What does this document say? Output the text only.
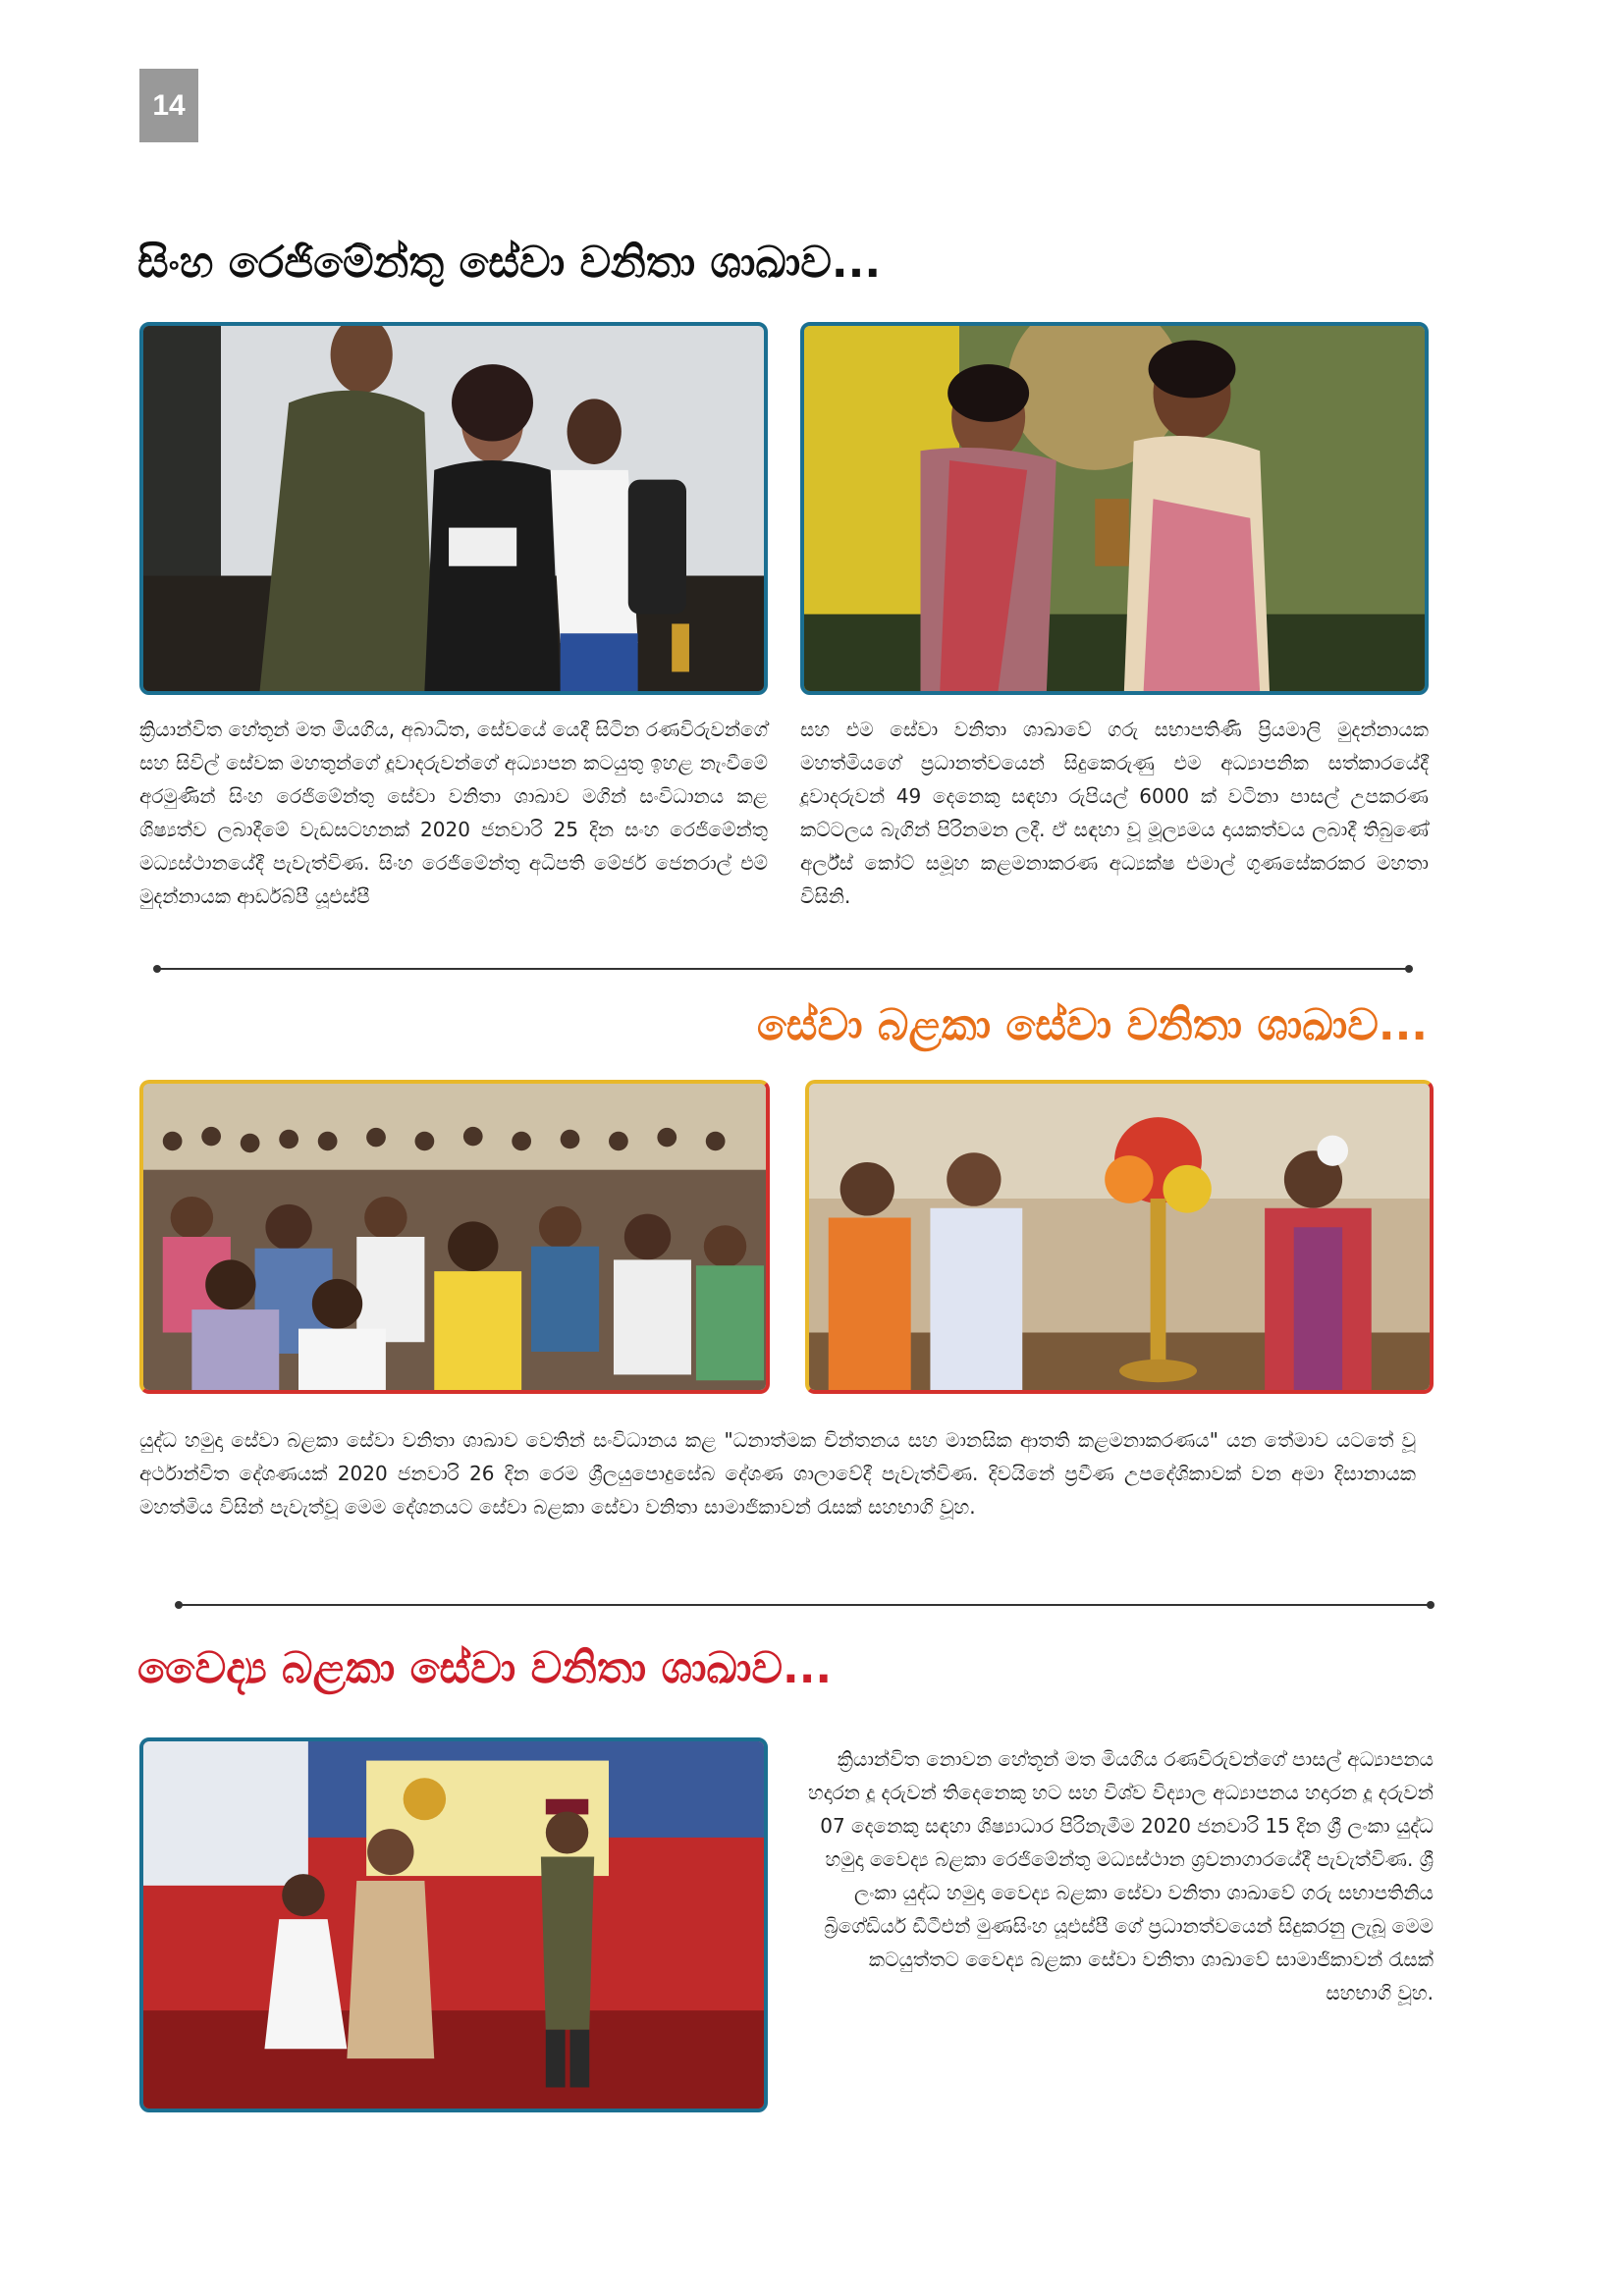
14
සිංහ රෙජිමේන්තු සේවා වනිතා ශාඛාව...
ක්‍රියාන්විත හේතූන් මත මියගිය, අබාධිත, සේවයේ යෙදී සිටින රණවිරුවන්ගේ සහ සිවිල් සේවක මහතුන්ගේ දූවාදරුවන්ගේ අධ්‍යාපන කටයුතු ඉහළ නැංවීමේ අරමුණින් සිංහ රෙජිමේන්තු සේවා වනිතා ශාඛාව මගින් සංවිධානය කළ ශිෂ්‍යත්ව ලබාදීමේ වැඩසටහනක් 2020 ජනවාරි 25 දින සංහ රෙජිමේන්තු මධ්‍යස්ථානයේදී පැවැත්විණ. සිංහ රෙජිමේන්තු අධිපති මේජර් ජෙනරාල් එම් මුදන්නායක ආර්ඩබ්පී යූඑස්පී
සහ එම සේවා වනිතා ශාඛාවේ ගරු සභාපතිණි ප්‍රියමාලි මුදන්නායක මහත්මියගේ ප්‍රධානත්වයෙන් සිදුකෙරුණු එම අධ්‍යාපනික සත්කාරයේදී දූවාදරුවන් 49 දෙනෙකු සඳහා රුපියල් 6000 ක් වටිනා පාසල් උපකරණ කට්ටලය බැගින් පිරිනමන ලදී. ඒ සඳහා වූ මූල්‍යමය දායකත්වය ලබාදී තිබුණේ අර්ල්ස් කෝට් සමූහ කළමනාකරණ අධ්‍යක්ෂ එමාල් ගුණසේකරකර මහතා විසිනි.
සේවා බළකා සේවා වනිතා ශාඛාව...
යුද්ධ හමුදා සේවා බළකා සේවා වනිතා ශාඛාව වෙතින් සංවිධානය කළ "ධනාත්මක චින්තනය සහ මානසික ආතති කළමනාකරණය" යන තේමාව යටතේ වූ අර්ථාන්විත දේශණයක් 2020 ජනවාරි 26 දින රෙම ශ්‍රීලයුපොදුසේබ දේශණ ශාලාවේදී පැවැත්විණ. දිවයිනේ ප්‍රවීණ උපදේශිකාවක් වන අමා දිසානායක මහත්මිය විසින් පැවැත්වූ මෙම දේශනයට සේවා බළකා සේවා වනිතා සාමාජිකාවන් රැසක් සහභාගි වූහ.
වෛද්‍ය බළකා සේවා වනිතා ශාඛාව...
ක්‍රියාන්විත නොවන හේතූන් මත මියගිය රණවිරුවන්ගේ පාසල් අධ්‍යාපනය හදාරන දූ දරුවන් තිදෙනෙකු හට සහ විශ්ව විද්‍යාල අධ්‍යාපනය හදාරන දූ දරුවන් 07 දෙනෙකු සඳහා ශිෂ්‍යාධාර පිරිනැමීම 2020 ජනවාරි 15 දින ශ්‍රී ලංකා යුද්ධ හමුදා වෛද්‍ය බළකා රෙජිමේන්තු මධ්‍යස්ථාන ශ්‍රවනාගාරයේදී පැවැත්විණ. ශ්‍රී ලංකා යුද්ධ හමුදා වෛද්‍ය බළකා සේවා වනිතා ශාඛාවේ ගරු සභාපතිනිය බ්‍රිගේඩියර් ඩීටීඑන් මුණසිංහ යූඑස්පී ගේ ප්‍රධානත්වයෙන් සිදුකරනු ලැබූ මෙම කටයුත්තට වෛද්‍ය බළකා සේවා වනිතා ශාඛාවේ සාමාජිකාවන් රැසක් සහභාගි වූහ.
